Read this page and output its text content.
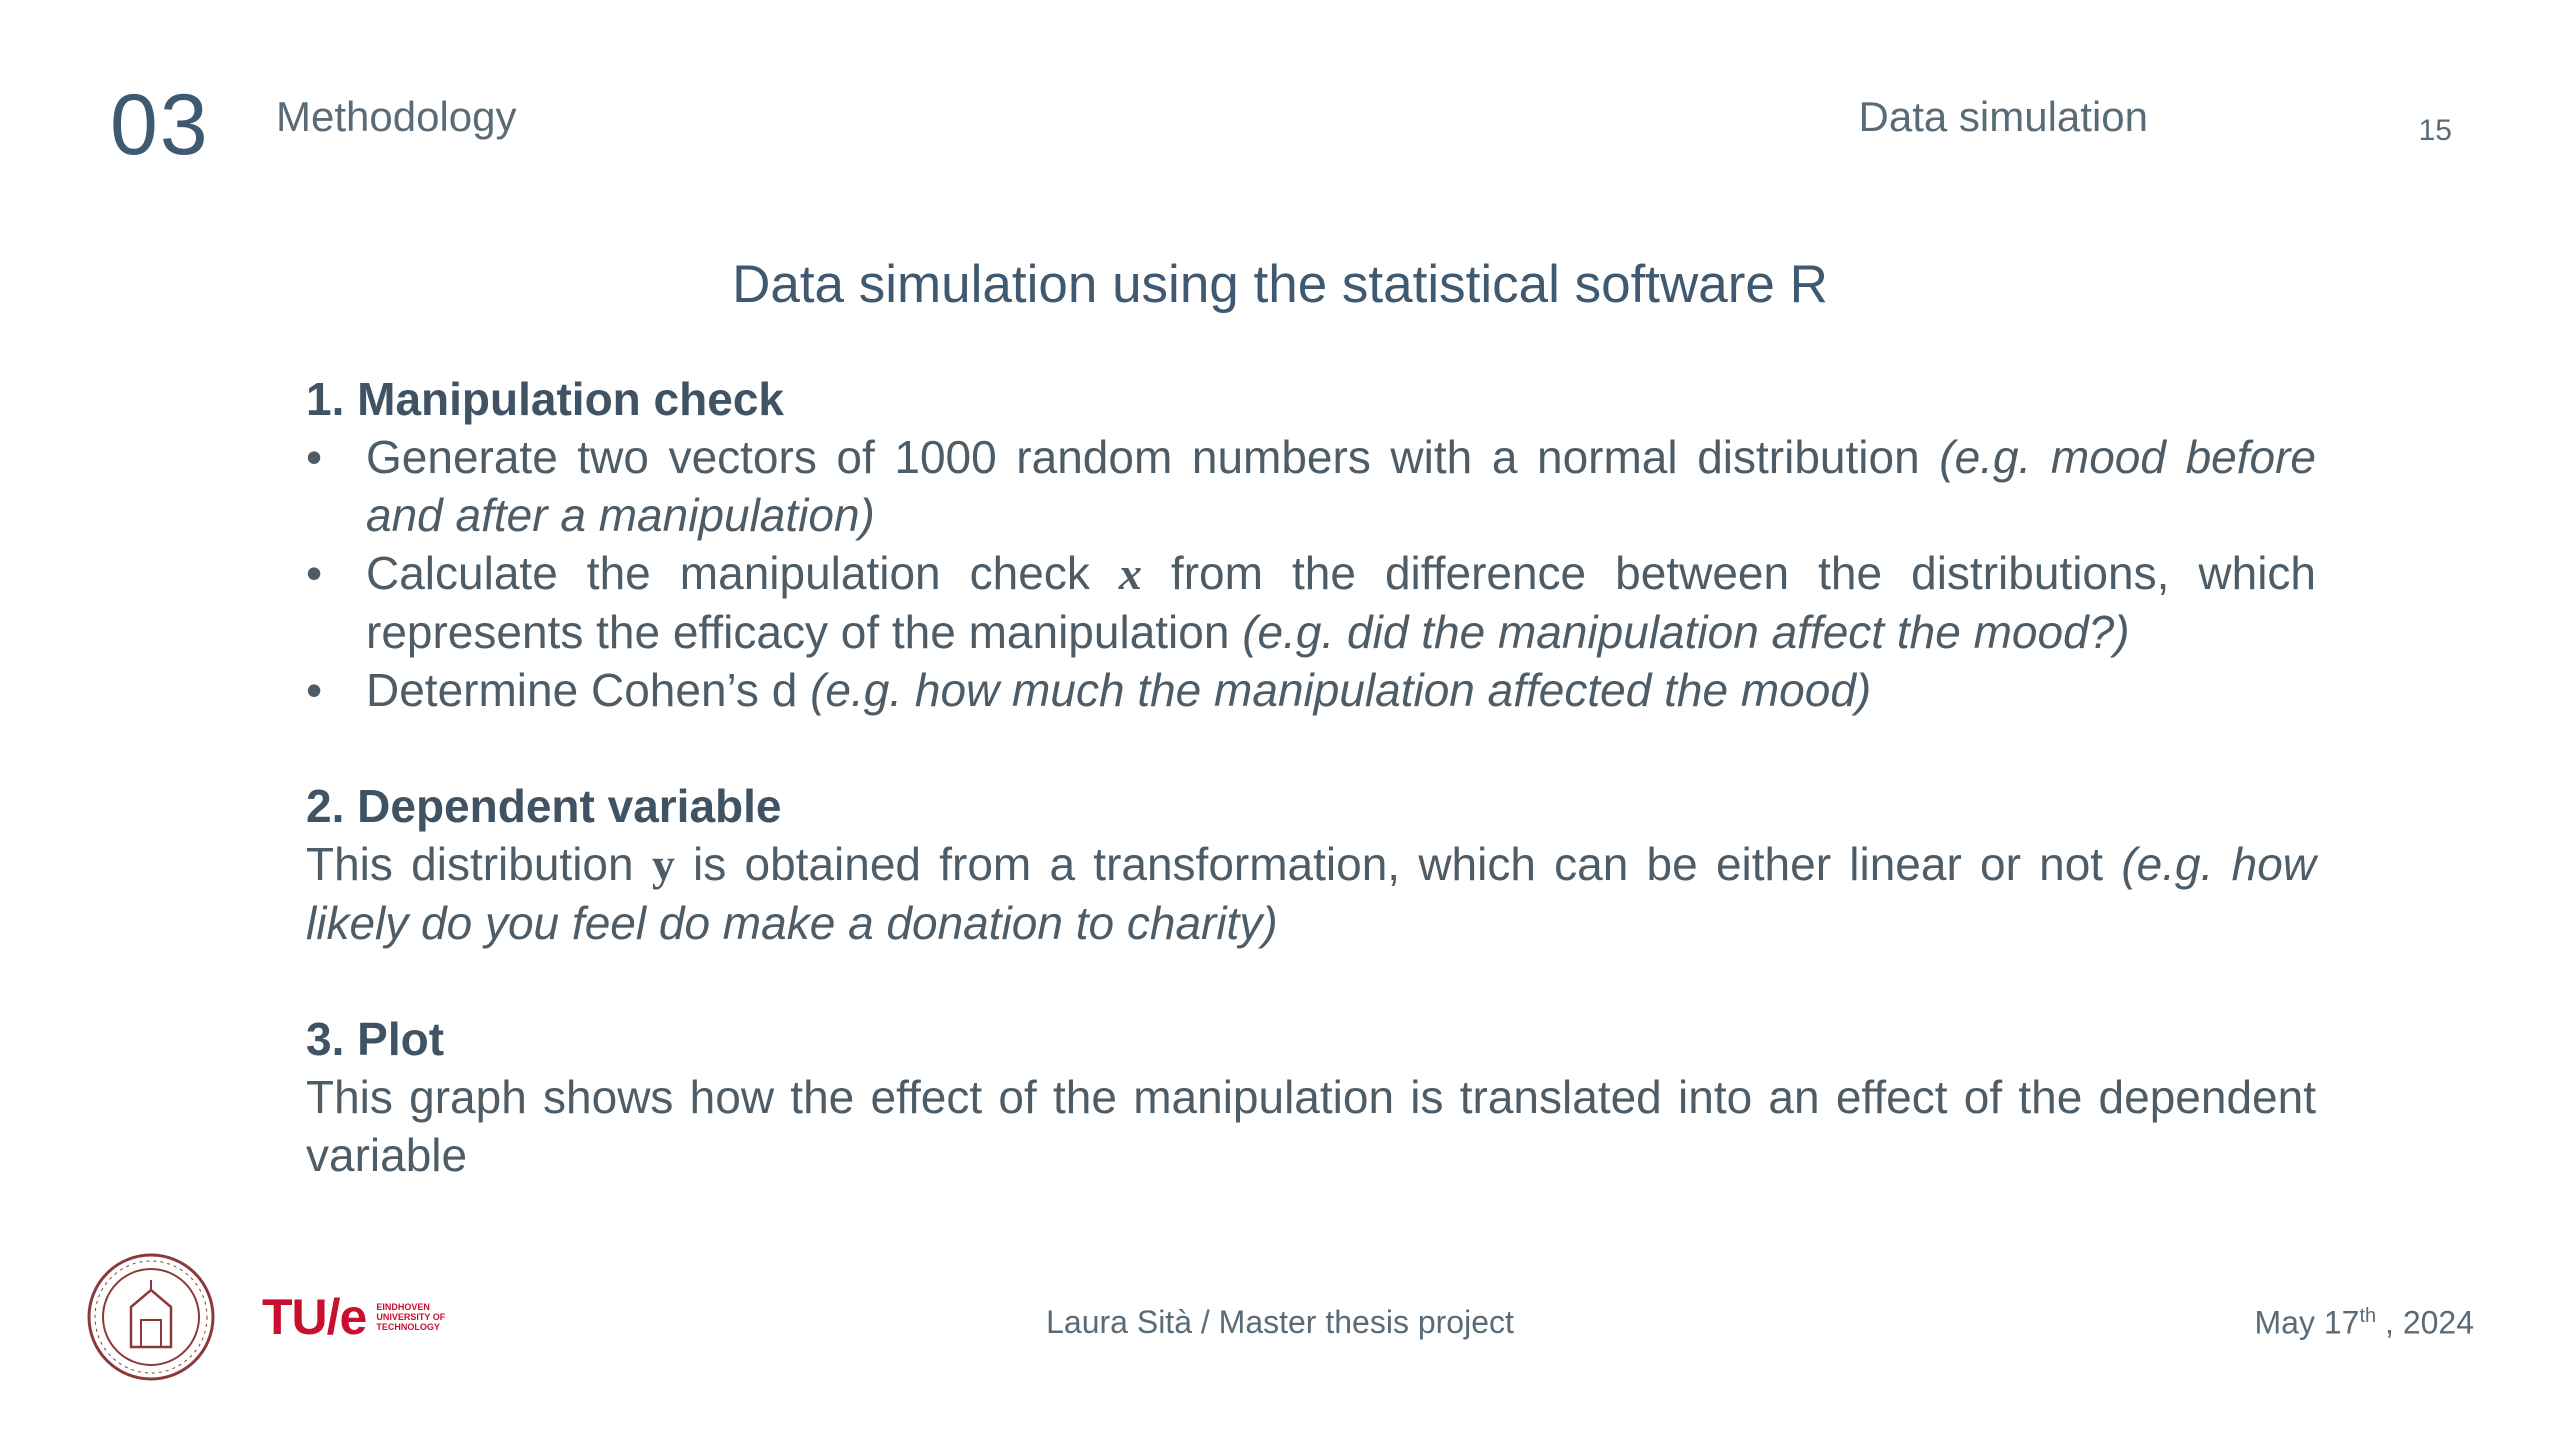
03 Methodology	Data simulation	15
Data simulation using the statistical software R

1. Manipulation check

• Generate two vectors of 1000 random numbers with a normal distribution (e.g. mood before and after a manipulation)
• Calculate the manipulation check x from the difference between the distributions, which represents the efficacy of the manipulation (e.g. did the manipulation affect the mood?)
• Determine Cohen’s d (e.g. how much the manipulation affected the mood)

2. Dependent variable

This distribution y is obtained from a transformation, which can be either linear or not (e.g. how likely do you feel do make a donation to charity)

3. Plot

This graph shows how the effect of the manipulation is translated into an effect of the dependent variable

TU/e EINDHOVEN
UNIVERSITY OF
TECHNOLOGY	Laura Sità / Master thesis project	May 17th , 2024
